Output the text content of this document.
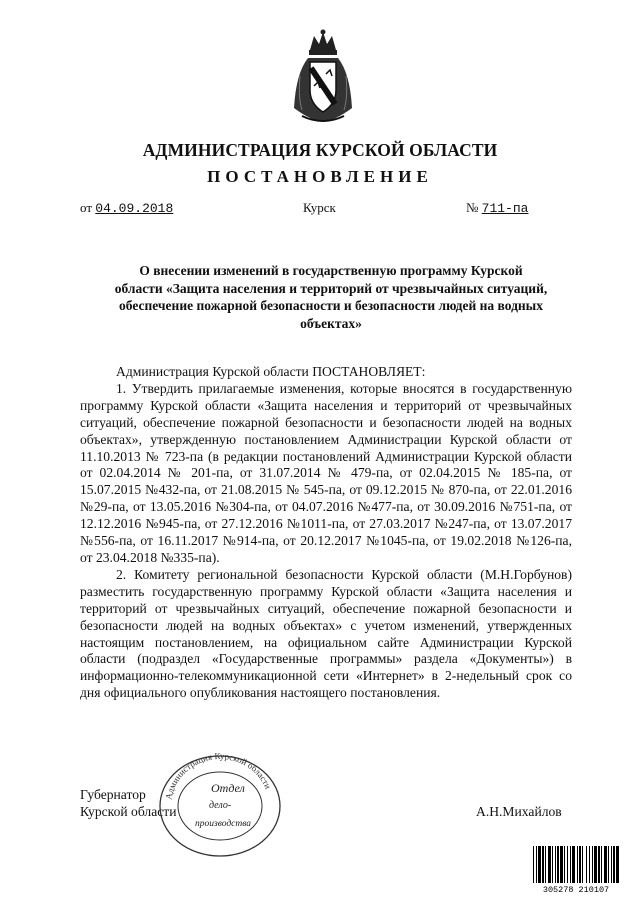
АДМИНИСТРАЦИЯ КУРСКОЙ ОБЛАСТИ
ПОСТАНОВЛЕНИЕ
от 04.09.2018	Курск	№ 711-па
О внесении изменений в государственную программу Курской
области «Защита населения и территорий от чрезвычайных ситуаций,
обеспечение пожарной безопасности и безопасности людей на водных
объектах»

Администрация Курской области ПОСТАНОВЛЯЕТ:

1. Утвердить прилагаемые изменения, которые вносятся в государственную программу Курской области «Защита населения и территорий от чрезвычайных ситуаций, обеспечение пожарной безопасности и безопасности людей на водных объектах», утвержденную постановлением Администрации Курской области от 11.10.2013 № 723-па (в редакции постановлений Администрации Курской области от 02.04.2014 № 201-па, от 31.07.2014 № 479-па, от 02.04.2015 № 185-па, от 15.07.2015 №432-па, от 21.08.2015 № 545-па, от 09.12.2015 № 870-па, от 22.01.2016 №29-па, от 13.05.2016 №304-па, от 04.07.2016 №477-па, от 30.09.2016 №751-па, от 12.12.2016 №945-па, от 27.12.2016 №1011-па, от 27.03.2017 №247-па, от 13.07.2017 №556-па, от 16.11.2017 №914-па, от 20.12.2017 №1045-па, от 19.02.2018 №126-па, от 23.04.2018 №335-па).

2. Комитету региональной безопасности Курской области (М.Н.Горбунов) разместить государственную программу Курской области «Защита населения и территорий от чрезвычайных ситуаций, обеспечение пожарной безопасности и безопасности людей на водных объектах» с учетом изменений, утвержденных настоящим постановлением, на официальном сайте Администрации Курской области (подраздел «Государственные программы» раздела «Документы») в информационно-телекоммуникационной сети «Интернет» в 2-недельный срок со дня официального опубликования настоящего постановления.

Губернатор
Курской области	А.Н.Михайлов
Администрация Курской области
Отдел
дело-
производства
305278 210107
